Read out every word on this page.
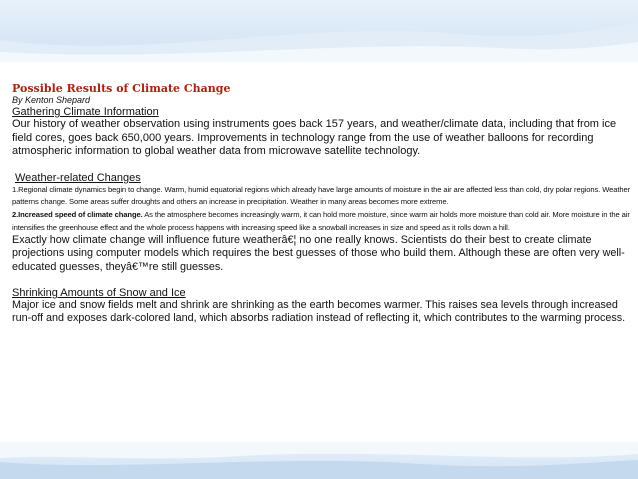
Possible Results of Climate Change

By Kenton Shepard

Gathering Climate Information

Our history of weather observation using instruments goes back 157 years, and weather/climate data, including that from ice field cores, goes back 650,000 years. Improvements in technology range from the use of weather balloons for recording atmospheric information to global weather data from microwave satellite technology.

Weather-related Changes

1.Regional climate dynamics begin to change. Warm, humid equatorial regions which already have large amounts of moisture in the air are affected less than cold, dry polar regions. Weather patterns change. Some areas suffer droughts and others an increase in precipitation. Weather in many areas becomes more extreme.

2.Increased speed of climate change. As the atmosphere becomes increasingly warm, it can hold more moisture, since warm air holds more moisture than cold air. More moisture in the air intensifies the greenhouse effect and the whole process happens with increasing speed like a snowball increases in size and speed as it rolls down a hill.

Exactly how climate change will influence future weatherâ€¦ no one really knows. Scientists do their best to create climate projections using computer models which requires the best guesses of those who build them. Although these are often very well-educated guesses, theyâ€™re still guesses.

Shrinking Amounts of Snow and Ice

Major ice and snow fields melt and shrink are shrinking as the earth becomes warmer. This raises sea levels through increased run-off and exposes dark-colored land, which absorbs radiation instead of reflecting it, which contributes to the warming process.
